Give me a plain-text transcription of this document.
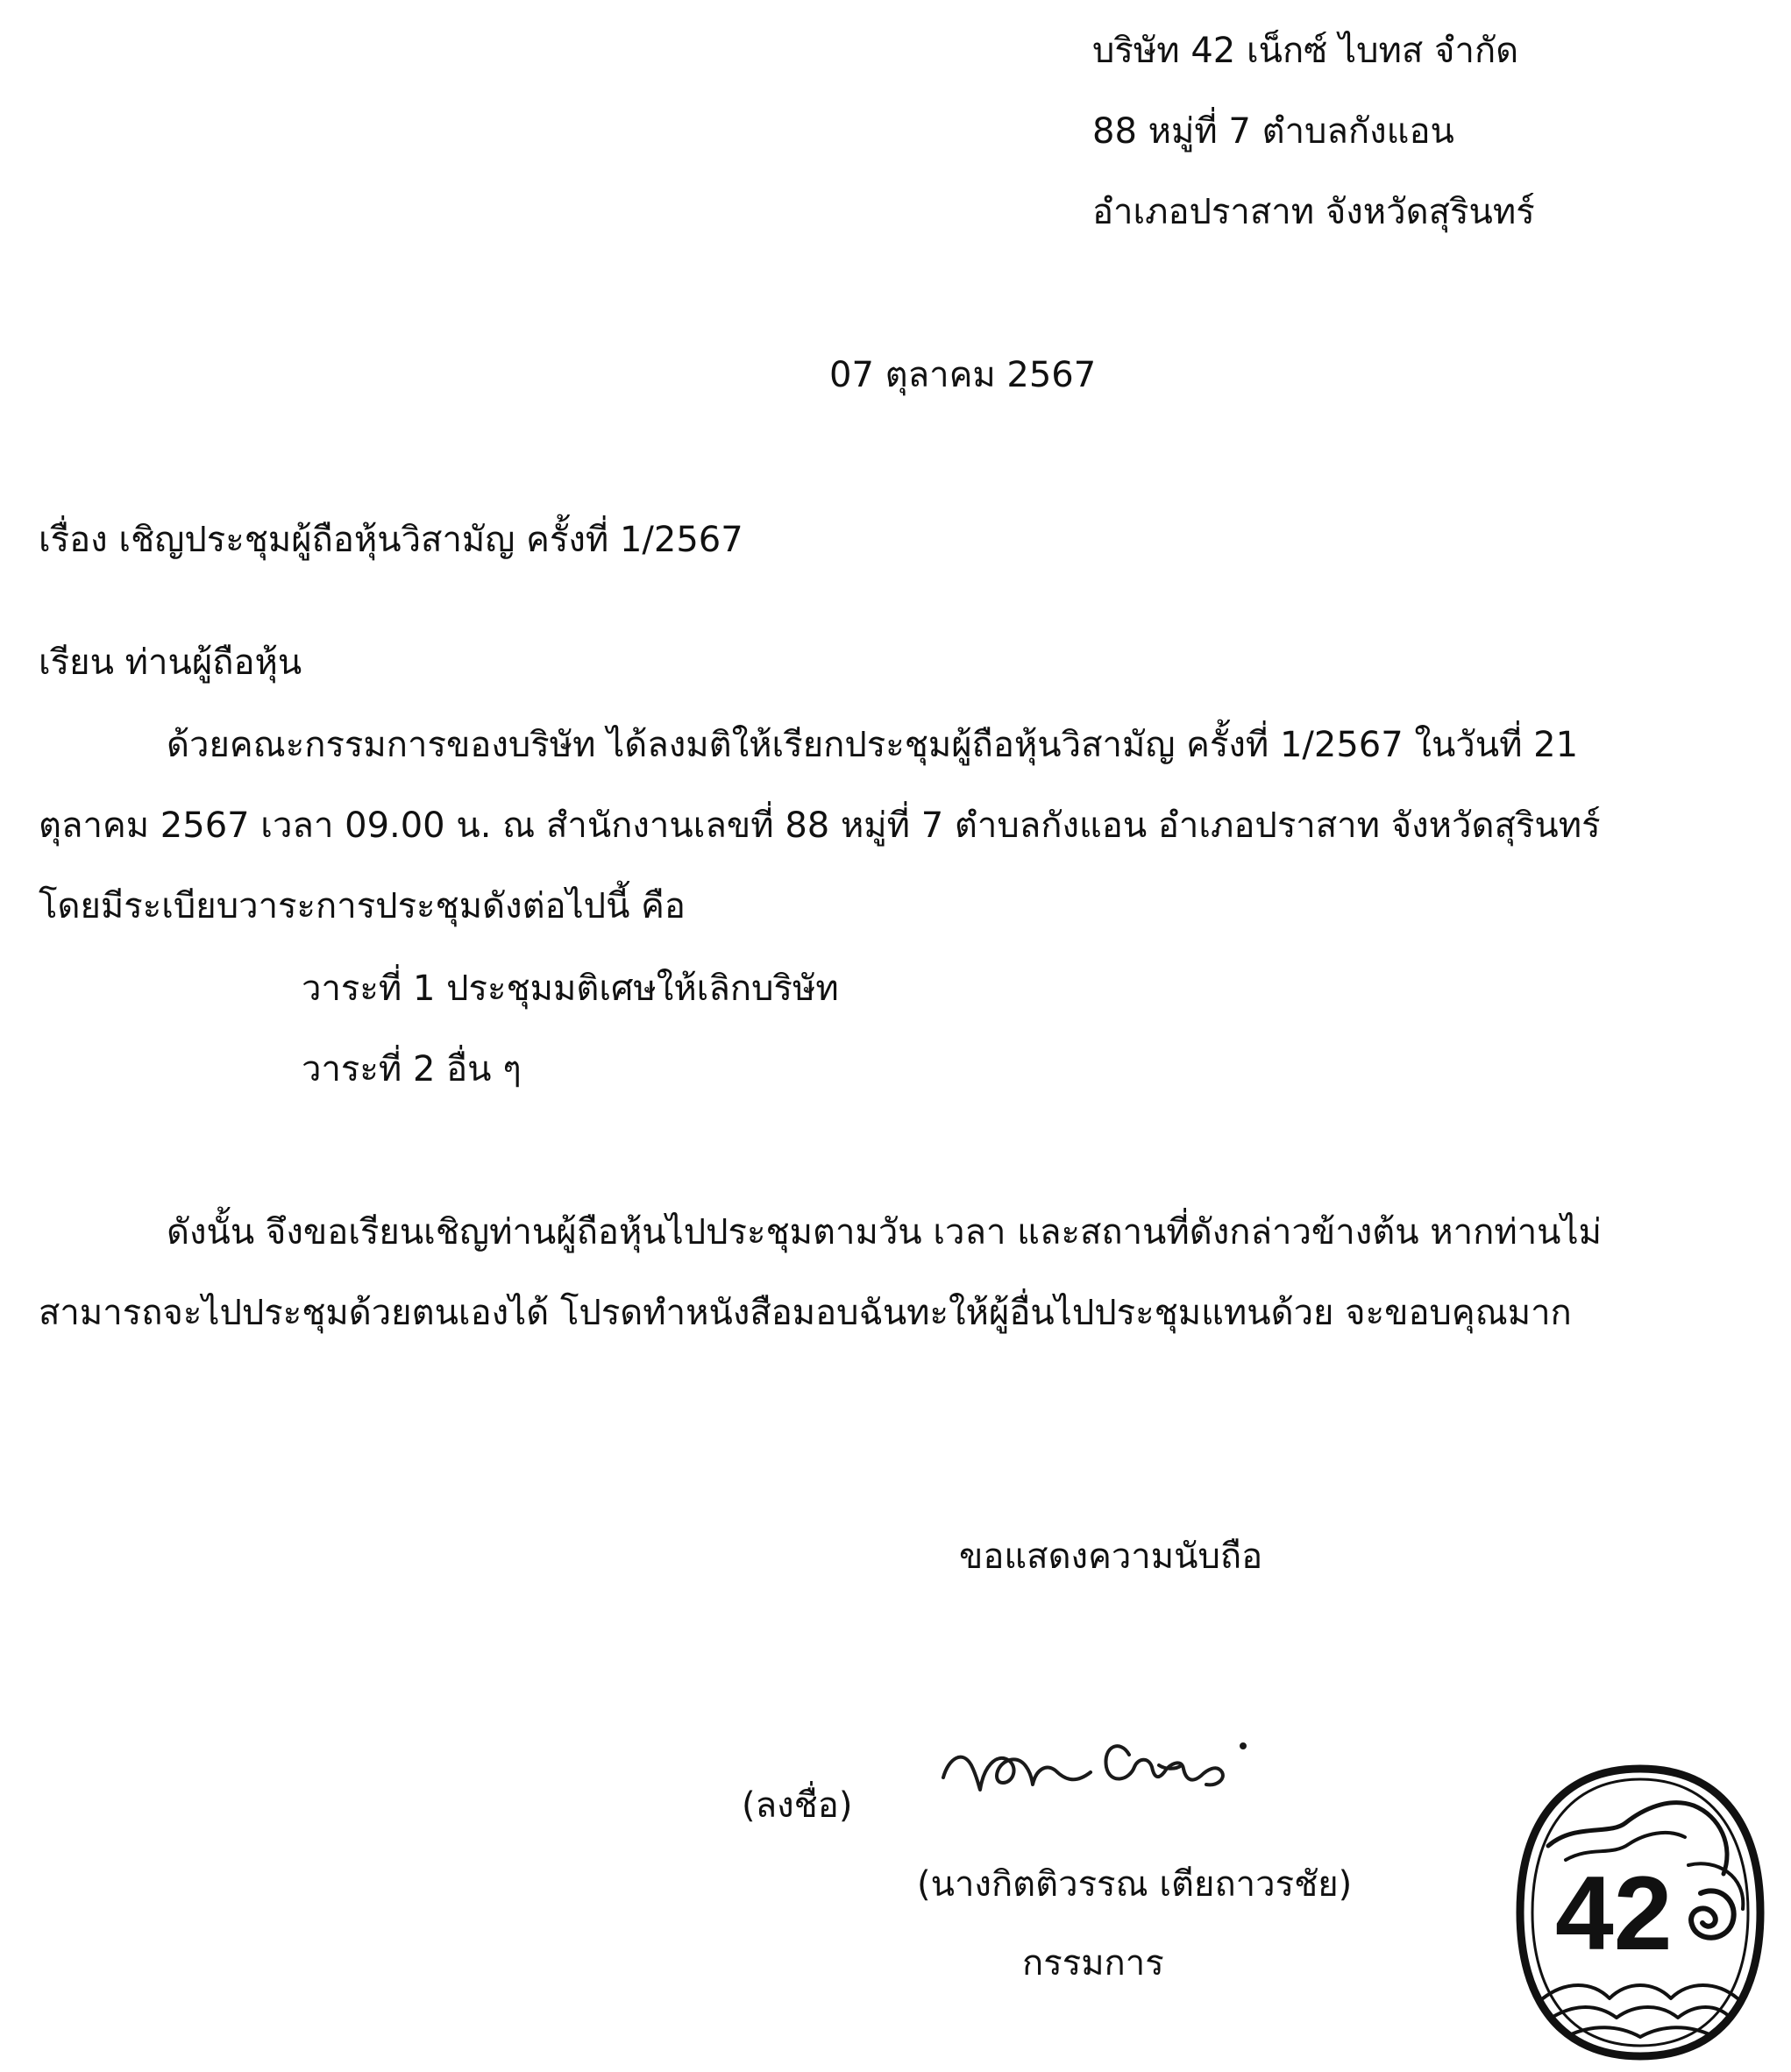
บริษัท 42 เน็กซ์ ไบทส จำกัด
88 หมู่ที่ 7 ตำบลกังแอน
อำเภอปราสาท จังหวัดสุรินทร์
07 ตุลาคม 2567
เรื่อง เชิญประชุมผู้ถือหุ้นวิสามัญ ครั้งที่ 1/2567
เรียน ท่านผู้ถือหุ้น
ด้วยคณะกรรมการของบริษัท ได้ลงมติให้เรียกประชุมผู้ถือหุ้นวิสามัญ ครั้งที่ 1/2567 ในวันที่ 21
ตุลาคม 2567 เวลา 09.00 น. ณ สำนักงานเลขที่ 88 หมู่ที่ 7 ตำบลกังแอน อำเภอปราสาท จังหวัดสุรินทร์
โดยมีระเบียบวาระการประชุมดังต่อไปนี้ คือ
วาระที่ 1 ประชุมมติเศษให้เลิกบริษัท
วาระที่ 2 อื่น ๆ
ดังนั้น จึงขอเรียนเชิญท่านผู้ถือหุ้นไปประชุมตามวัน เวลา และสถานที่ดังกล่าวข้างต้น หากท่านไม่
สามารถจะไปประชุมด้วยตนเองได้ โปรดทำหนังสือมอบฉันทะให้ผู้อื่นไปประชุมแทนด้วย จะขอบคุณมาก
ขอแสดงความนับถือ
(ลงชื่อ)
(นางกิตติวรรณ เตียถาวรชัย)
กรรมการ	42
